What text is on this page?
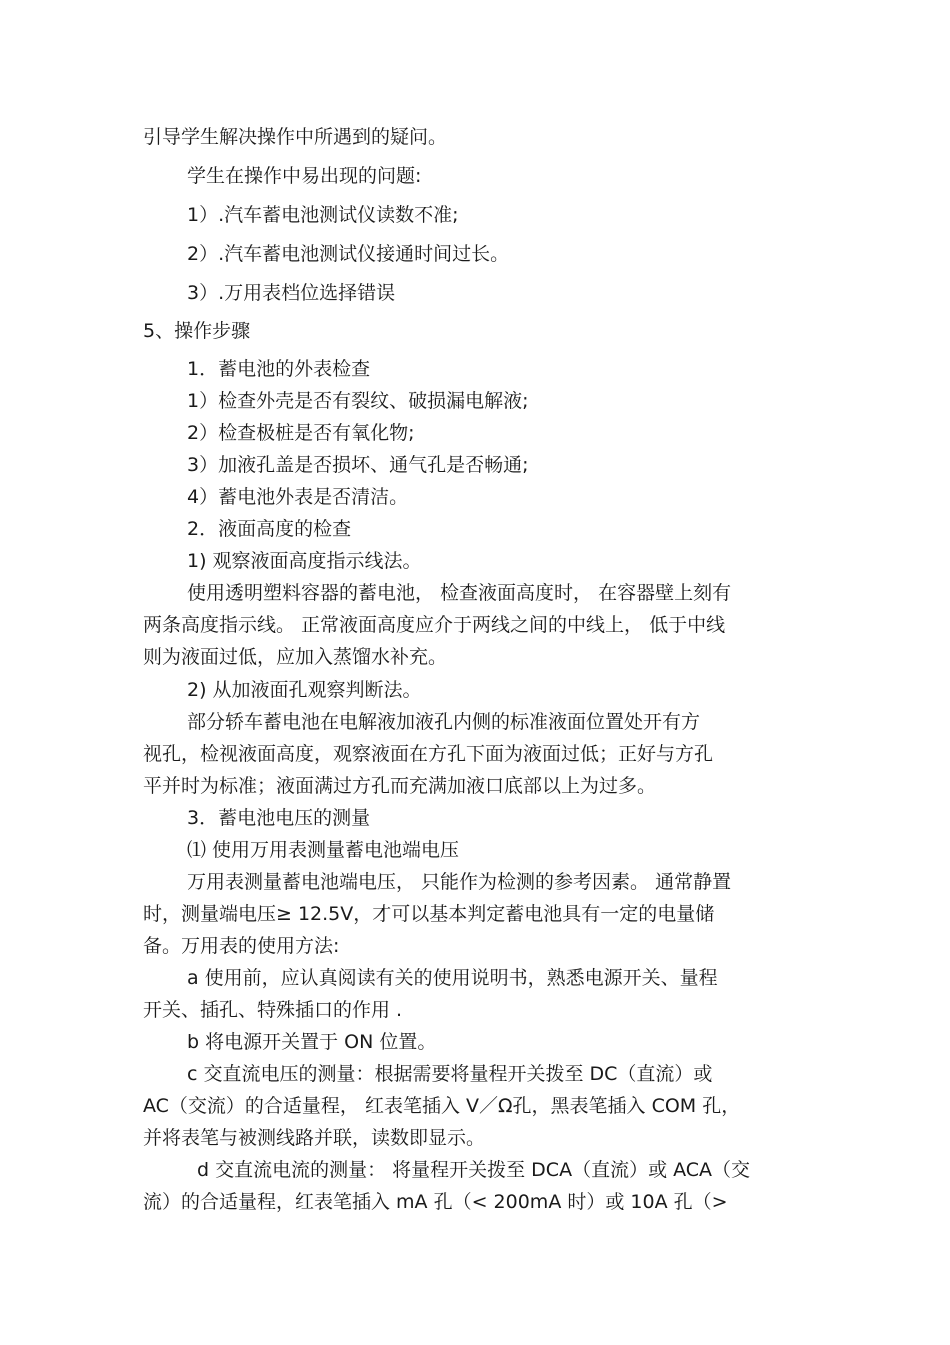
引导学生解决操作中所遇到的疑问。
学生在操作中易出现的问题:
1）.汽车蓄电池测试仪读数不准;
2）.汽车蓄电池测试仪接通时间过长。
3）.万用表档位选择错误
5、操作步骤
1．蓄电池的外表检查
1）检查外壳是否有裂纹、破损漏电解液;
2）检查极桩是否有氧化物;
3）加液孔盖是否损坏、通气孔是否畅通;
4）蓄电池外表是否清洁。
2．液面高度的检查
1) 观察液面高度指示线法。
使用透明塑料容器的蓄电池， 检查液面高度时， 在容器壁上刻有
两条高度指示线。 正常液面高度应介于两线之间的中线上， 低于中线
则为液面过低，应加入蒸馏水补充。
2) 从加液面孔观察判断法。
部分轿车蓄电池在电解液加液孔内侧的标准液面位置处开有方
视孔，检视液面高度，观察液面在方孔下面为液面过低；正好与方孔
平并时为标准；液面满过方孔而充满加液口底部以上为过多。
3．蓄电池电压的测量
⑴ 使用万用表测量蓄电池端电压
万用表测量蓄电池端电压， 只能作为检测的参考因素。 通常静置
时，测量端电压≥ 12.5V，才可以基本判定蓄电池具有一定的电量储
备。万用表的使用方法:
a 使用前，应认真阅读有关的使用说明书，熟悉电源开关、量程
开关、插孔、特殊插口的作用 .
b 将电源开关置于 ON 位置。
c 交直流电压的测量：根据需要将量程开关拨至 DC（直流）或
AC（交流）的合适量程， 红表笔插入 V／Ω孔，黑表笔插入 COM 孔，
并将表笔与被测线路并联，读数即显示。
d 交直流电流的测量： 将量程开关拨至 DCA（直流）或 ACA（交
流）的合适量程，红表笔插入 mA 孔（< 200mA 时）或 10A 孔（>
